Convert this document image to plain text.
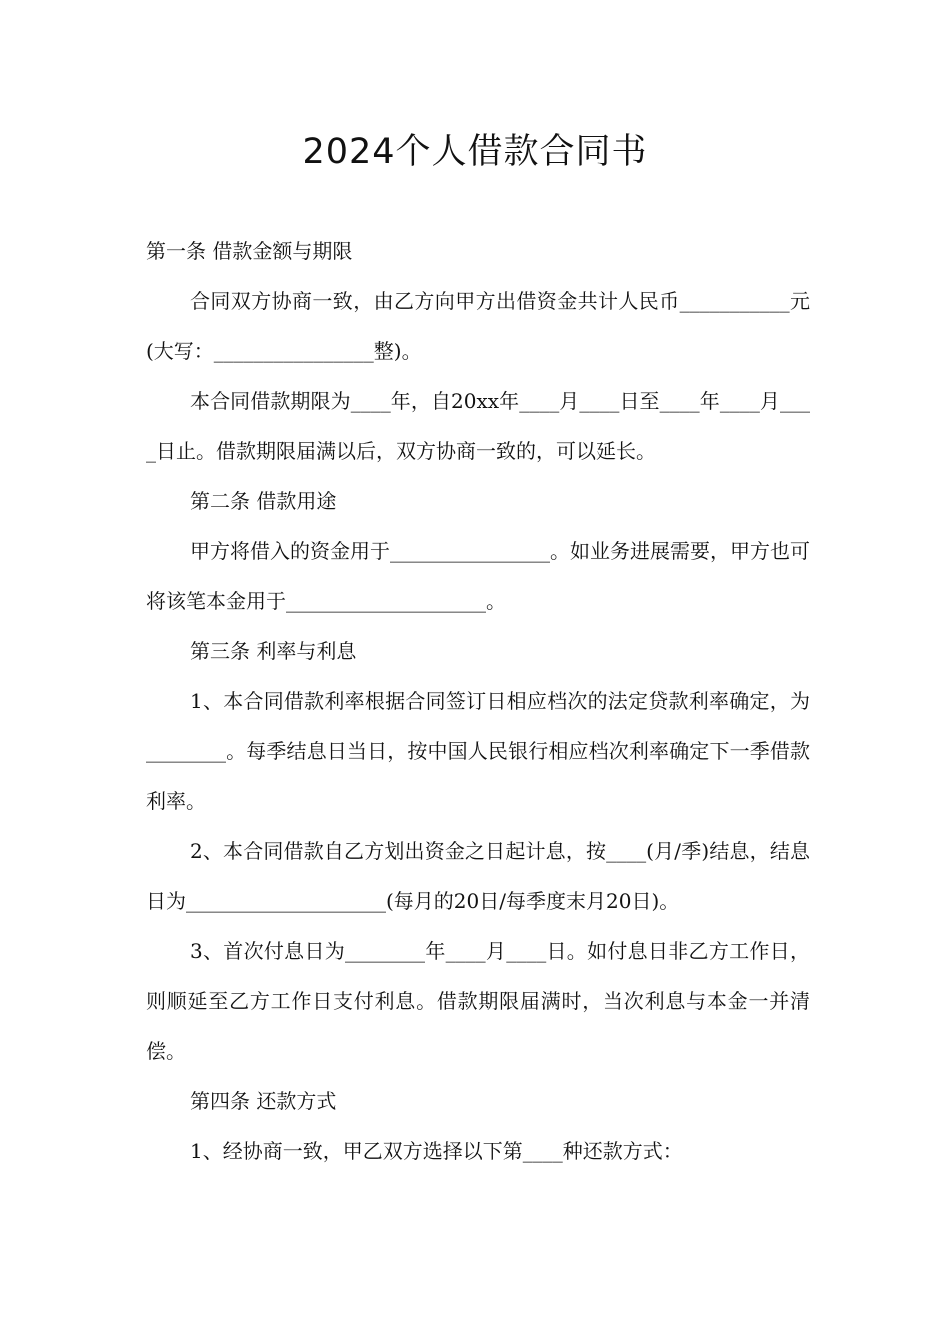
2024个人借款合同书

第一条 借款金额与期限

合同双方协商一致，由乙方向甲方出借资金共计人民币___________元(大写：________________整)。

本合同借款期限为____年，自20xx年____月____日至____年____月____日止。借款期限届满以后，双方协商一致的，可以延长。

第二条 借款用途

甲方将借入的资金用于________________。如业务进展需要，甲方也可将该笔本金用于____________________。

第三条 利率与利息

1、本合同借款利率根据合同签订日相应档次的法定贷款利率确定，为________。每季结息日当日，按中国人民银行相应档次利率确定下一季借款利率。

2、本合同借款自乙方划出资金之日起计息，按____(月/季)结息，结息日为____________________(每月的20日/每季度末月20日)。

3、首次付息日为________年____月____日。如付息日非乙方工作日，则顺延至乙方工作日支付利息。借款期限届满时，当次利息与本金一并清偿。

第四条 还款方式

1、经协商一致，甲乙双方选择以下第____种还款方式：
